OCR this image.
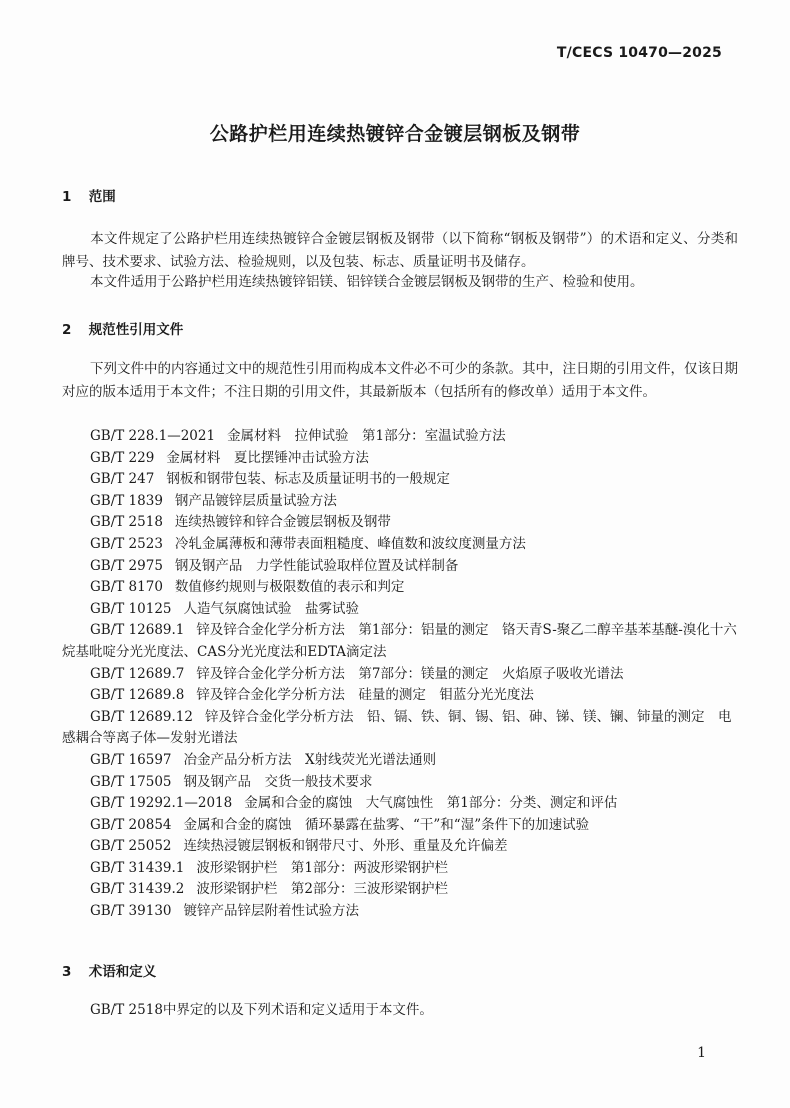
T/CECS 10470—2025
公路护栏用连续热镀锌合金镀层钢板及钢带
1 范围
本文件规定了公路护栏用连续热镀锌合金镀层钢板及钢带（以下简称“钢板及钢带”）的术语和定义、分类和牌号、技术要求、试验方法、检验规则，以及包装、标志、质量证明书及储存。
本文件适用于公路护栏用连续热镀锌铝镁、铝锌镁合金镀层钢板及钢带的生产、检验和使用。
2 规范性引用文件
下列文件中的内容通过文中的规范性引用而构成本文件必不可少的条款。其中，注日期的引用文件，仅该日期对应的版本适用于本文件；不注日期的引用文件，其最新版本（包括所有的修改单）适用于本文件。
GB/T 228.1—2021 金属材料　拉伸试验　第1部分：室温试验方法
GB/T 229 金属材料　夏比摆锤冲击试验方法
GB/T 247 钢板和钢带包装、标志及质量证明书的一般规定
GB/T 1839 钢产品镀锌层质量试验方法
GB/T 2518 连续热镀锌和锌合金镀层钢板及钢带
GB/T 2523 冷轧金属薄板和薄带表面粗糙度、峰值数和波纹度测量方法
GB/T 2975 钢及钢产品　力学性能试验取样位置及试样制备
GB/T 8170 数值修约规则与极限数值的表示和判定
GB/T 10125 人造气氛腐蚀试验　盐雾试验
GB/T 12689.1 锌及锌合金化学分析方法　第1部分：铝量的测定　铬天青S-聚乙二醇辛基苯基醚-溴化十六烷基吡啶分光光度法、CAS分光光度法和EDTA滴定法
GB/T 12689.7 锌及锌合金化学分析方法　第7部分：镁量的测定　火焰原子吸收光谱法
GB/T 12689.8 锌及锌合金化学分析方法　硅量的测定　钼蓝分光光度法
GB/T 12689.12 锌及锌合金化学分析方法　铅、镉、铁、铜、锡、铝、砷、锑、镁、镧、铈量的测定　电感耦合等离子体—发射光谱法
GB/T 16597 冶金产品分析方法　X射线荧光光谱法通则
GB/T 17505 钢及钢产品　交货一般技术要求
GB/T 19292.1—2018 金属和合金的腐蚀　大气腐蚀性　第1部分：分类、测定和评估
GB/T 20854 金属和合金的腐蚀　循环暴露在盐雾、“干”和“湿”条件下的加速试验
GB/T 25052 连续热浸镀层钢板和钢带尺寸、外形、重量及允许偏差
GB/T 31439.1 波形梁钢护栏　第1部分：两波形梁钢护栏
GB/T 31439.2 波形梁钢护栏　第2部分：三波形梁钢护栏
GB/T 39130 镀锌产品锌层附着性试验方法
3 术语和定义
GB/T 2518中界定的以及下列术语和定义适用于本文件。
1
